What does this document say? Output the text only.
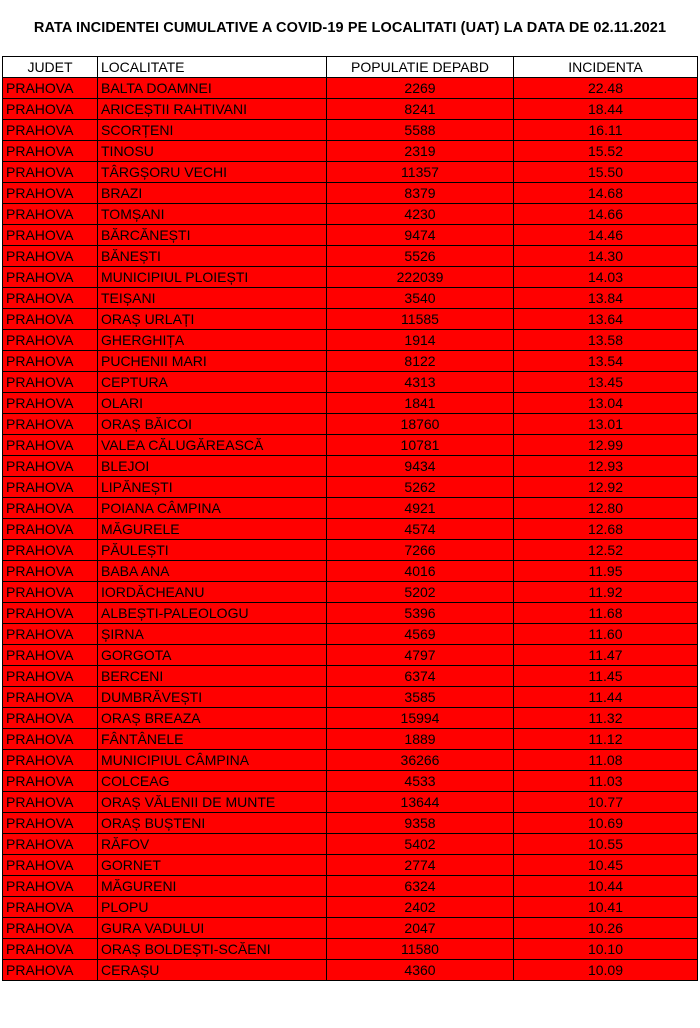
RATA INCIDENTEI CUMULATIVE A COVID-19 PE LOCALITATI (UAT) LA DATA DE 02.11.2021
JUDET	LOCALITATE	POPULATIE DEPABD	INCIDENTA
PRAHOVA	BALTA DOAMNEI	2269	22.48
PRAHOVA	ARICEȘTII RAHTIVANI	8241	18.44
PRAHOVA	SCORȚENI	5588	16.11
PRAHOVA	TINOSU	2319	15.52
PRAHOVA	TÂRGȘORU VECHI	11357	15.50
PRAHOVA	BRAZI	8379	14.68
PRAHOVA	TOMȘANI	4230	14.66
PRAHOVA	BĂRCĂNEȘTI	9474	14.46
PRAHOVA	BĂNEȘTI	5526	14.30
PRAHOVA	MUNICIPIUL PLOIEȘTI	222039	14.03
PRAHOVA	TEIȘANI	3540	13.84
PRAHOVA	ORAȘ URLAȚI	11585	13.64
PRAHOVA	GHERGHIȚA	1914	13.58
PRAHOVA	PUCHENII MARI	8122	13.54
PRAHOVA	CEPTURA	4313	13.45
PRAHOVA	OLARI	1841	13.04
PRAHOVA	ORAȘ BĂICOI	18760	13.01
PRAHOVA	VALEA CĂLUGĂREASCĂ	10781	12.99
PRAHOVA	BLEJOI	9434	12.93
PRAHOVA	LIPĂNEȘTI	5262	12.92
PRAHOVA	POIANA CÂMPINA	4921	12.80
PRAHOVA	MĂGURELE	4574	12.68
PRAHOVA	PĂULEȘTI	7266	12.52
PRAHOVA	BABA ANA	4016	11.95
PRAHOVA	IORDĂCHEANU	5202	11.92
PRAHOVA	ALBEȘTI-PALEOLOGU	5396	11.68
PRAHOVA	ȘIRNA	4569	11.60
PRAHOVA	GORGOTA	4797	11.47
PRAHOVA	BERCENI	6374	11.45
PRAHOVA	DUMBRĂVEȘTI	3585	11.44
PRAHOVA	ORAȘ BREAZA	15994	11.32
PRAHOVA	FÂNTÂNELE	1889	11.12
PRAHOVA	MUNICIPIUL CÂMPINA	36266	11.08
PRAHOVA	COLCEAG	4533	11.03
PRAHOVA	ORAȘ VĂLENII DE MUNTE	13644	10.77
PRAHOVA	ORAȘ BUȘTENI	9358	10.69
PRAHOVA	RĂFOV	5402	10.55
PRAHOVA	GORNET	2774	10.45
PRAHOVA	MĂGURENI	6324	10.44
PRAHOVA	PLOPU	2402	10.41
PRAHOVA	GURA VADULUI	2047	10.26
PRAHOVA	ORAȘ BOLDEȘTI-SCĂENI	11580	10.10
PRAHOVA	CERAȘU	4360	10.09
